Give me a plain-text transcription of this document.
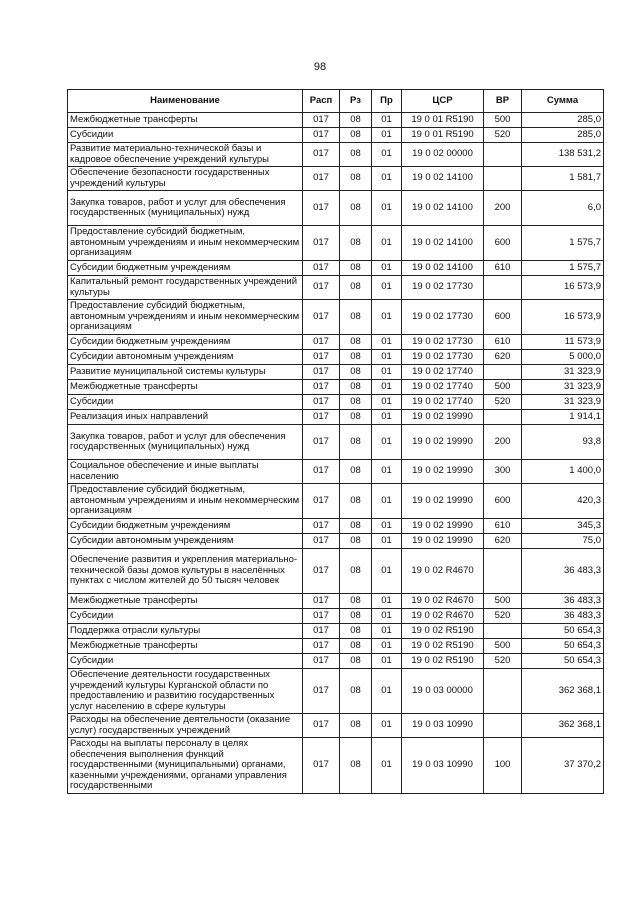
98
Наименование	Расп	Рз	Пр	ЦСР	ВР	Сумма
Межбюджетные трансферты	017	08	01	19 0 01 R5190	500	285,0
Субсидии	017	08	01	19 0 01 R5190	520	285,0
Развитие материально-технической базы и кадровое обеспечение учреждений культуры	017	08	01	19 0 02 00000		138 531,2
Обеспечение безопасности государственных учреждений культуры	017	08	01	19 0 02 14100		1 581,7
Закупка товаров, работ и услуг для обеспечения государственных (муниципальных) нужд	017	08	01	19 0 02 14100	200	6,0
Предоставление субсидий бюджетным, автономным учреждениям и иным некоммерческим организациям	017	08	01	19 0 02 14100	600	1 575,7
Субсидии бюджетным учреждениям	017	08	01	19 0 02 14100	610	1 575,7
Капитальный ремонт государственных учреждений культуры	017	08	01	19 0 02 17730		16 573,9
Предоставление субсидий бюджетным, автономным учреждениям и иным некоммерческим организациям	017	08	01	19 0 02 17730	600	16 573,9
Субсидии бюджетным учреждениям	017	08	01	19 0 02 17730	610	11 573,9
Субсидии автономным учреждениям	017	08	01	19 0 02 17730	620	5 000,0
Развитие муниципальной системы культуры	017	08	01	19 0 02 17740		31 323,9
Межбюджетные трансферты	017	08	01	19 0 02 17740	500	31 323,9
Субсидии	017	08	01	19 0 02 17740	520	31 323,9
Реализация иных направлений	017	08	01	19 0 02 19990		1 914,1
Закупка товаров, работ и услуг для обеспечения государственных (муниципальных) нужд	017	08	01	19 0 02 19990	200	93,8
Социальное обеспечение и иные выплаты населению	017	08	01	19 0 02 19990	300	1 400,0
Предоставление субсидий бюджетным, автономным учреждениям и иным некоммерческим организациям	017	08	01	19 0 02 19990	600	420,3
Субсидии бюджетным учреждениям	017	08	01	19 0 02 19990	610	345,3
Субсидии автономным учреждениям	017	08	01	19 0 02 19990	620	75,0
Обеспечение развития и укрепления материально-технической базы домов культуры в населённых пунктах с числом жителей до 50 тысяч человек	017	08	01	19 0 02 R4670		36 483,3
Межбюджетные трансферты	017	08	01	19 0 02 R4670	500	36 483,3
Субсидии	017	08	01	19 0 02 R4670	520	36 483,3
Поддержка отрасли культуры	017	08	01	19 0 02 R5190		50 654,3
Межбюджетные трансферты	017	08	01	19 0 02 R5190	500	50 654,3
Субсидии	017	08	01	19 0 02 R5190	520	50 654,3
Обеспечение деятельности государственных учреждений культуры Курганской области по предоставлению и развитию государственных услуг населению в сфере культуры	017	08	01	19 0 03 00000		362 368,1
Расходы на обеспечение деятельности (оказание услуг) государственных учреждений	017	08	01	19 0 03 10990		362 368,1
Расходы на выплаты персоналу в целях обеспечения выполнения функций государственными (муниципальными) органами, казенными учреждениями, органами управления государственными	017	08	01	19 0 03 10990	100	37 370,2
